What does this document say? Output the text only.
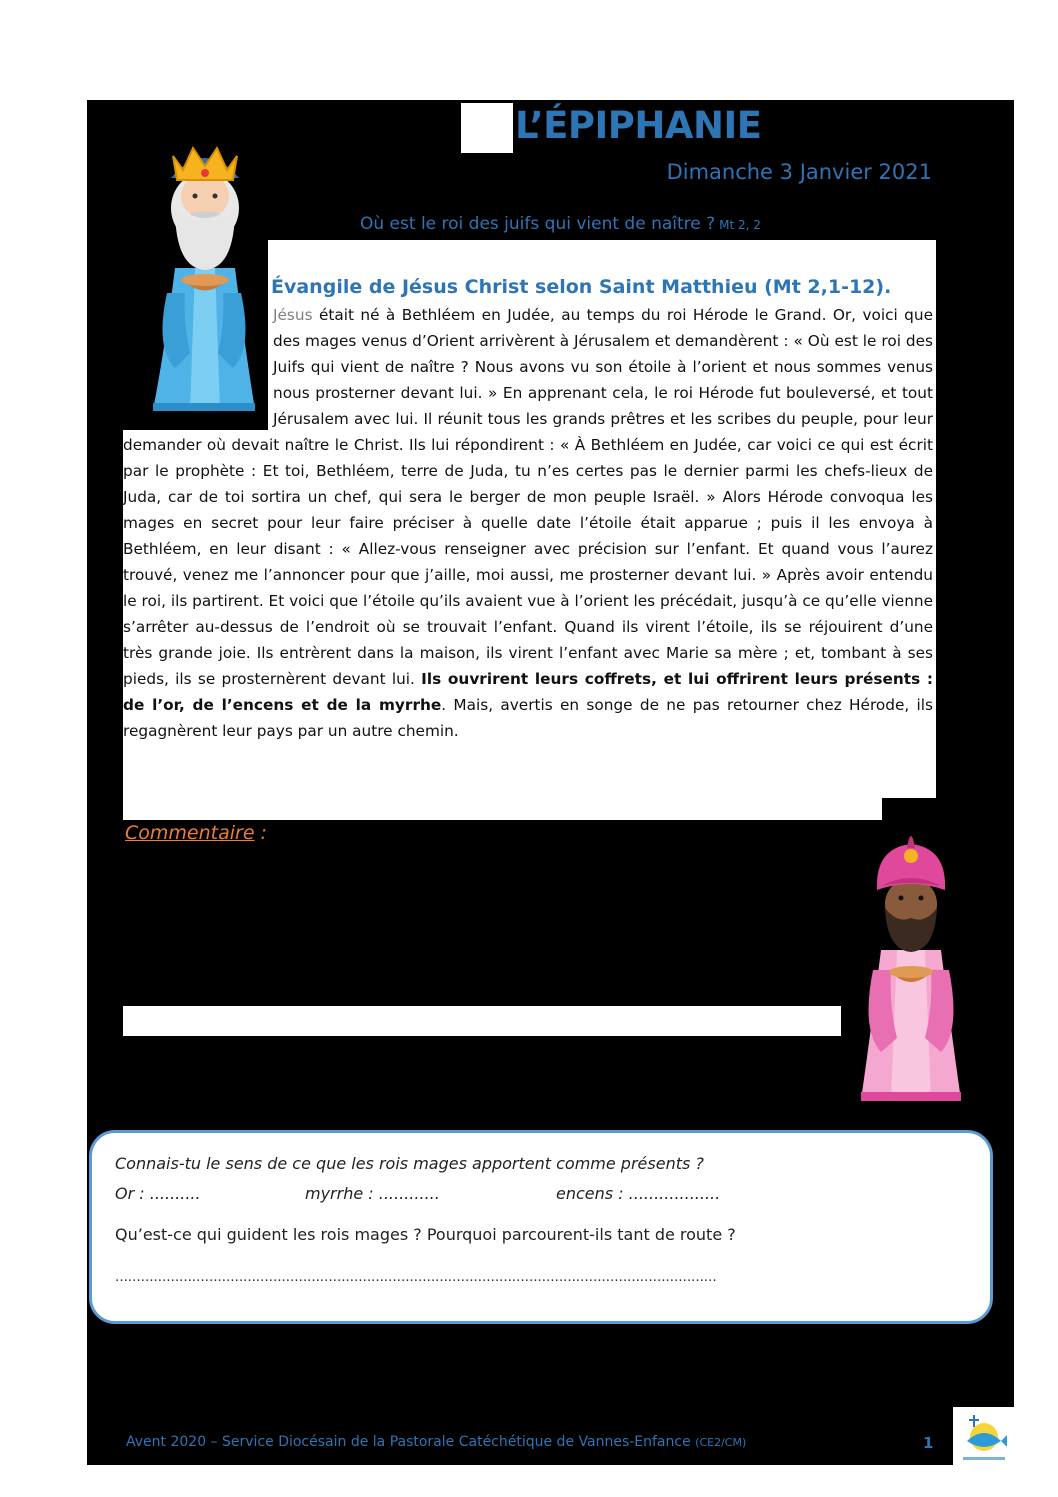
L’ÉPIPHANIE
Dimanche 3 Janvier 2021
Où est le roi des juifs qui vient de naître ? Mt 2, 2
Évangile de Jésus Christ selon Saint Matthieu (Mt 2,1-12).
Jésus était né à Bethléem en Judée, au temps du roi Hérode le Grand. Or, voici que des mages venus d’Orient arrivèrent à Jérusalem et demandèrent : « Où est le roi des Juifs qui vient de naître ? Nous avons vu son étoile à l’orient et nous sommes venus nous prosterner devant lui. » En apprenant cela, le roi Hérode fut bouleversé, et tout Jérusalem avec lui. Il réunit tous les grands prêtres et les scribes du peuple, pour leur demander où devait naître le Christ. Ils lui répondirent : « À Bethléem en Judée, car voici ce qui est écrit par le prophète : Et toi, Bethléem, terre de Juda, tu n’es certes pas le dernier parmi les chefs-lieux de Juda, car de toi sortira un chef, qui sera le berger de mon peuple Israël. » Alors Hérode convoqua les mages en secret pour leur faire préciser à quelle date l’étoile était apparue ; puis il les envoya à Bethléem, en leur disant : « Allez-vous renseigner avec précision sur l’enfant. Et quand vous l’aurez trouvé, venez me l’annoncer pour que j’aille, moi aussi, me prosterner devant lui. » Après avoir entendu le roi, ils partirent. Et voici que l’étoile qu’ils avaient vue à l’orient les précédait, jusqu’à ce qu’elle vienne s’arrêter au-dessus de l’endroit où se trouvait l’enfant. Quand ils virent l’étoile, ils se réjouirent d’une très grande joie. Ils entrèrent dans la maison, ils virent l’enfant avec Marie sa mère ; et, tombant à ses pieds, ils se prosternèrent devant lui. Ils ouvrirent leurs coffrets, et lui offrirent leurs présents : de l’or, de l’encens et de la myrrhe. Mais, avertis en songe de ne pas retourner chez Hérode, ils regagnèrent leur pays par un autre chemin.
Commentaire :
Connais-tu le sens de ce que les rois mages apportent comme présents ?
Or : ..........	myrrhe : ............	encens : ..................
Qu’est-ce qui guident les rois mages ? Pourquoi parcourent-ils tant de route ?
……………………………………………………………………………………………………………………………
Avent 2020 – Service Diocésain de la Pastorale Catéchétique de Vannes-Enfance (CE2/CM)	1
